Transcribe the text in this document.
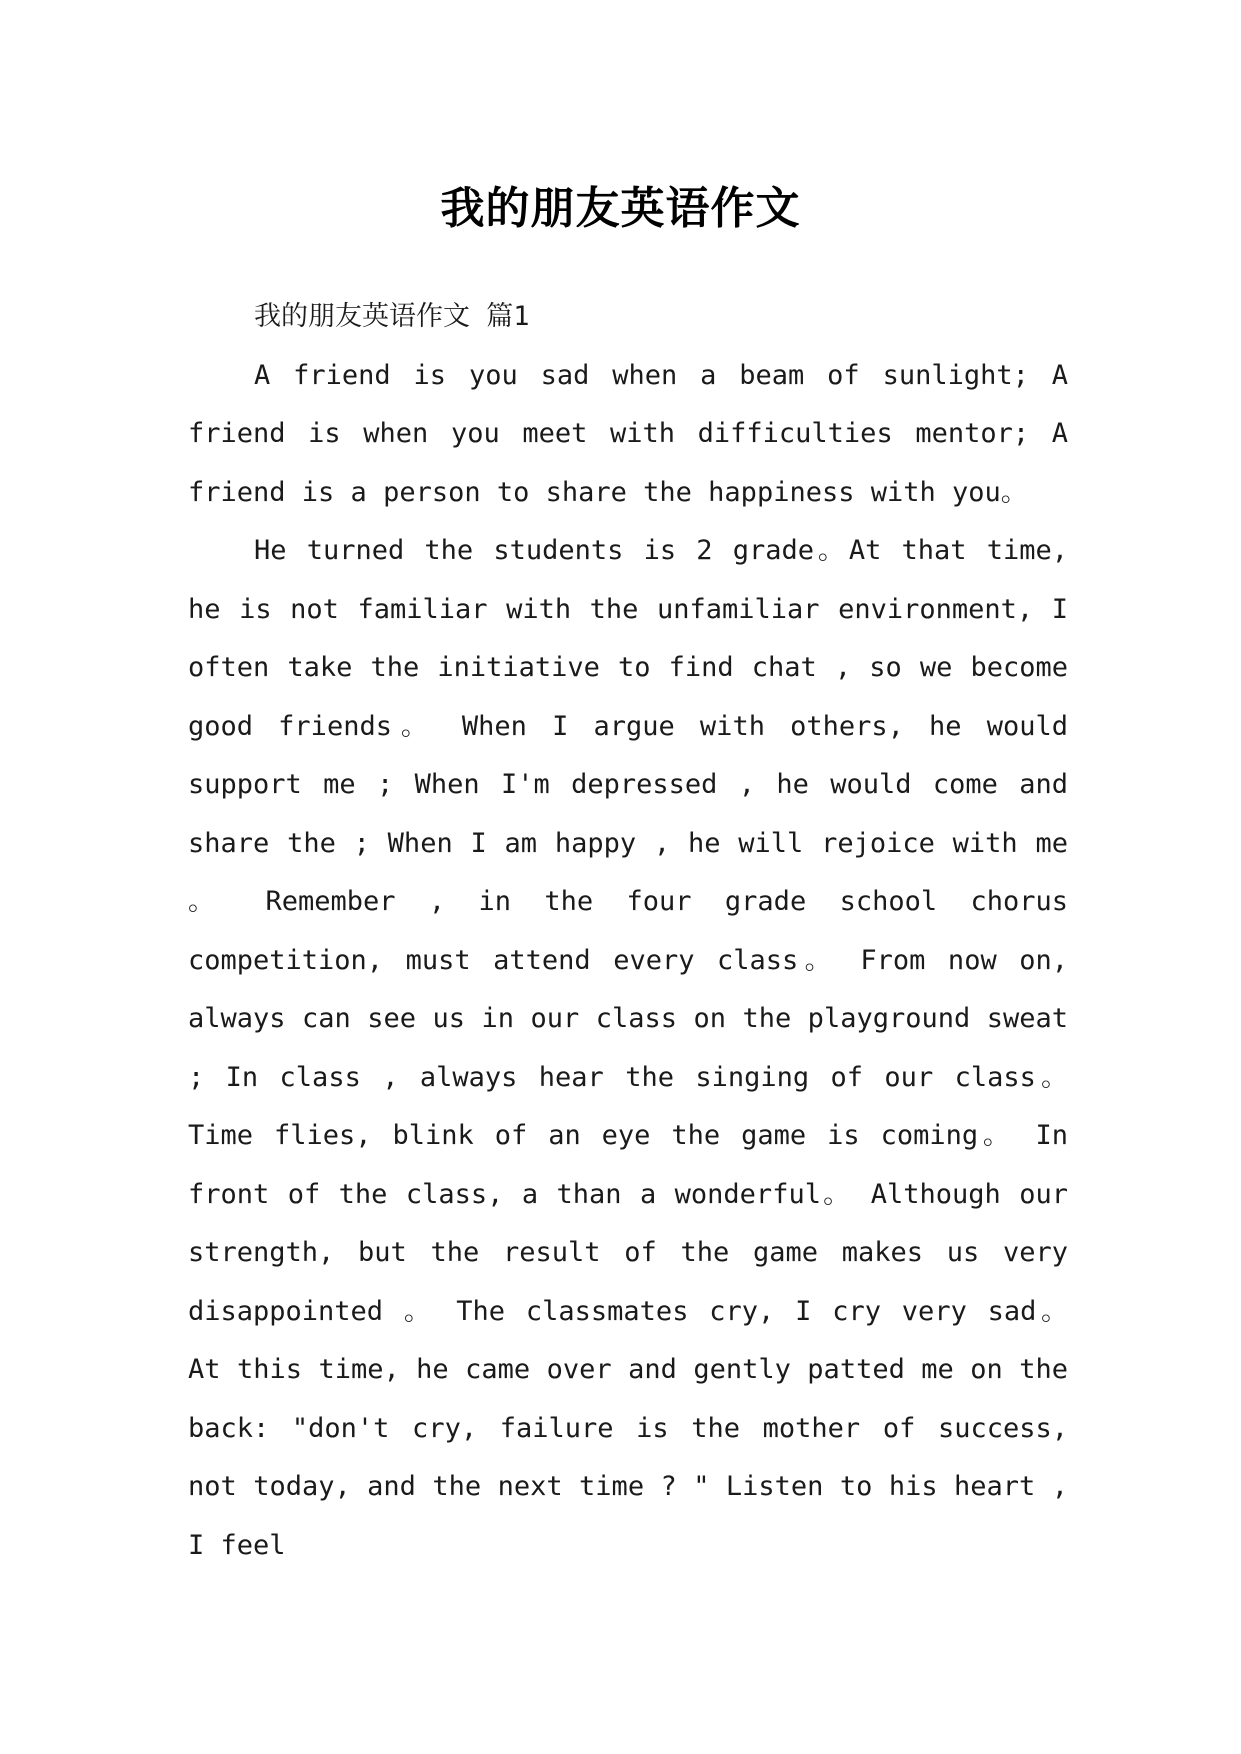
我的朋友英语作文

我的朋友英语作文 篇1

A friend is you sad when a beam of sunlight; A friend is when you meet with difficulties mentor; A friend is a person to share the happiness with you。

He turned the students is 2 grade。At that time, he is not familiar with the unfamiliar environment, I often take the initiative to find chat , so we become good friends。 When I argue with others, he would support me ; When I'm depressed , he would come and share the ; When I am happy , he will rejoice with me 。 Remember , in the four grade school chorus competition, must attend every class。 From now on, always can see us in our class on the playground sweat ; In class , always hear the singing of our class。 Time flies, blink of an eye the game is coming。 In front of the class, a than a wonderful。 Although our strength, but the result of the game makes us very disappointed 。 The classmates cry, I cry very sad。 At this time, he came over and gently patted me on the back: "don't cry, failure is the mother of success, not today, and the next time ? " Listen to his heart , I feel
